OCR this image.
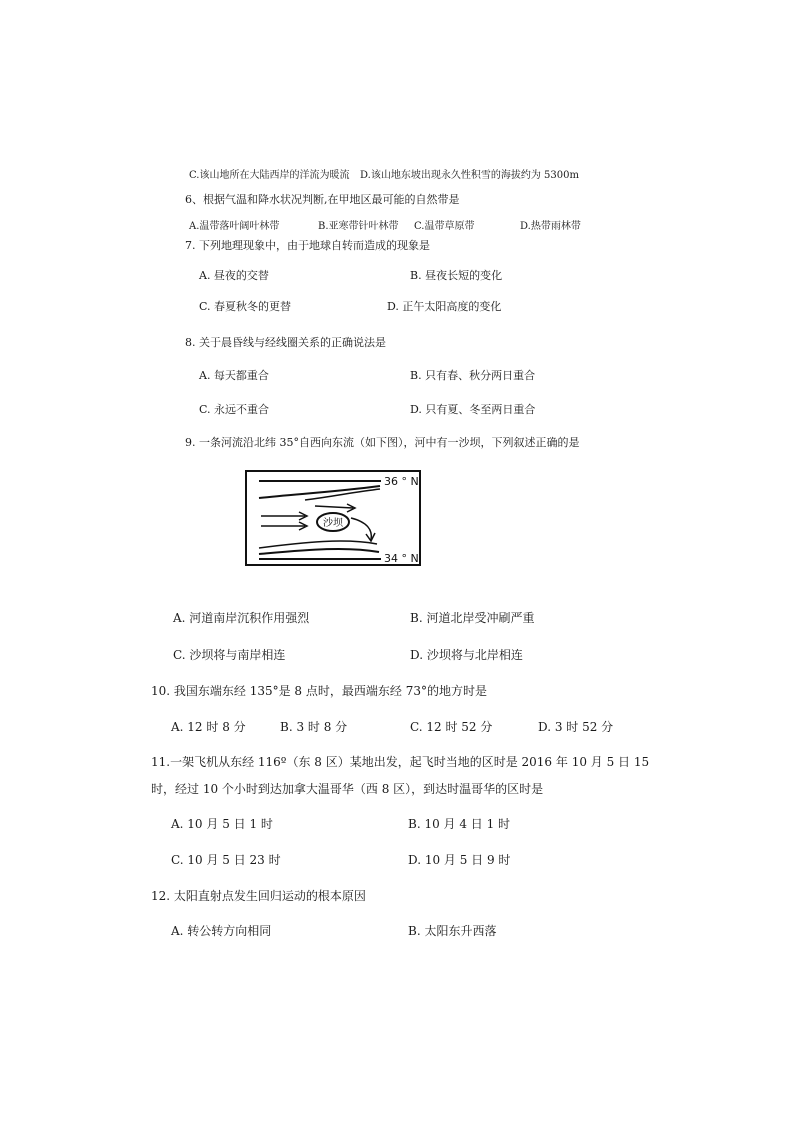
C.该山地所在大陆西岸的洋流为暖流 D.该山地东坡出现永久性积雪的海拔约为 5300m
6、根据气温和降水状况判断,在甲地区最可能的自然带是
A.温带落叶阔叶林带	B.亚寒带针叶林带 C.温带草原带	D.热带雨林带
7. 下列地理现象中，由于地球自转而造成的现象是
A. 昼夜的交替	B. 昼夜长短的变化
C. 春夏秋冬的更替	D. 正午太阳高度的变化
8. 关于晨昏线与经线圈关系的正确说法是
A. 每天都重合	B. 只有春、秋分两日重合
C. 永远不重合	D. 只有夏、冬至两日重合
9. 一条河流沿北纬 35°自西向东流（如下图），河中有一沙坝，下列叙述正确的是
36 ° N
沙坝
34 ° N
A. 河道南岸沉积作用强烈	B. 河道北岸受冲刷严重
C. 沙坝将与南岸相连	D. 沙坝将与北岸相连
10. 我国东端东经 135°是 8 点时，最西端东经 73°的地方时是
A. 12 时 8 分	B. 3 时 8 分	C. 12 时 52 分	D. 3 时 52 分
11.一架飞机从东经 116º（东 8 区）某地出发，起飞时当地的区时是 2016 年 10 月 5 日 15
时，经过 10 个小时到达加拿大温哥华（西 8 区），到达时温哥华的区时是
A. 10 月 5 日 1 时	B. 10 月 4 日 1 时
C. 10 月 5 日 23 时	D. 10 月 5 日 9 时
12. 太阳直射点发生回归运动的根本原因
A. 转公转方向相同	B. 太阳东升西落
